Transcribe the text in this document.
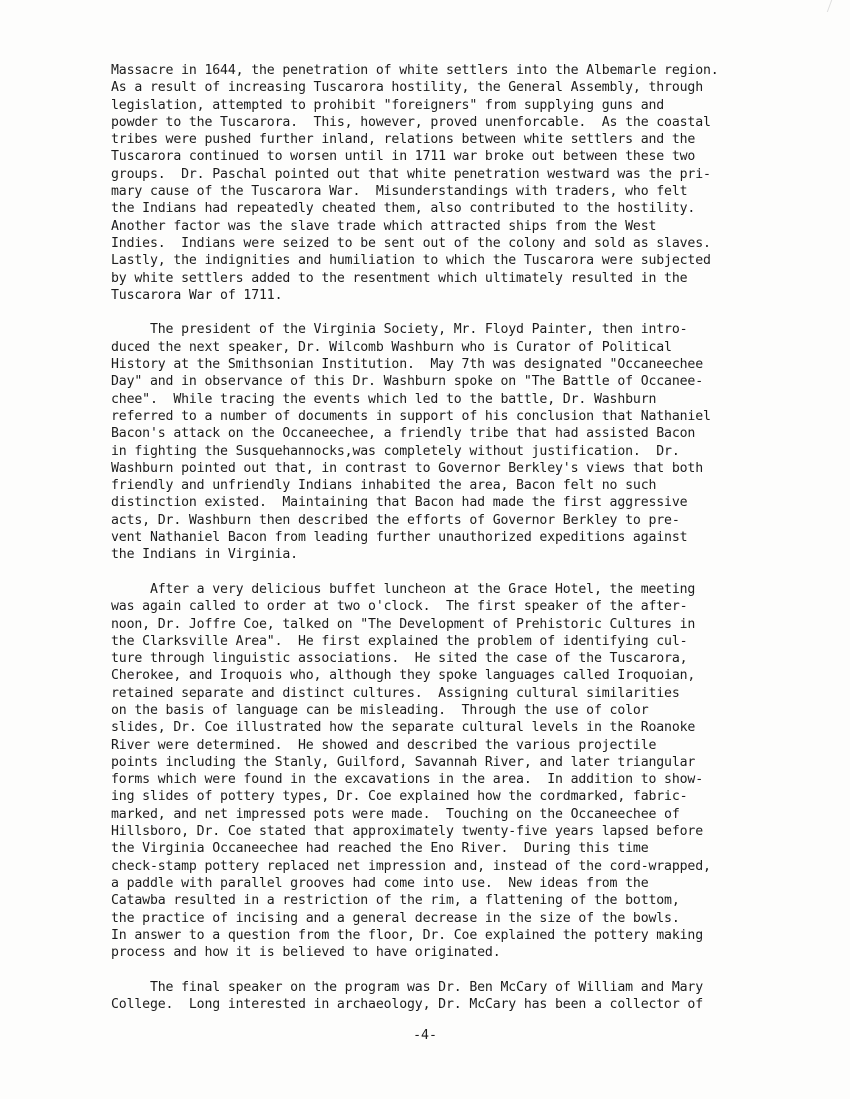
Massacre in 1644, the penetration of white settlers into the Albemarle region.
As a result of increasing Tuscarora hostility, the General Assembly, through
legislation, attempted to prohibit "foreigners" from supplying guns and
powder to the Tuscarora.  This, however, proved unenforcable.  As the coastal
tribes were pushed further inland, relations between white settlers and the
Tuscarora continued to worsen until in 1711 war broke out between these two
groups.  Dr. Paschal pointed out that white penetration westward was the pri-
mary cause of the Tuscarora War.  Misunderstandings with traders, who felt
the Indians had repeatedly cheated them, also contributed to the hostility.
Another factor was the slave trade which attracted ships from the West
Indies.  Indians were seized to be sent out of the colony and sold as slaves.
Lastly, the indignities and humiliation to which the Tuscarora were subjected
by white settlers added to the resentment which ultimately resulted in the
Tuscarora War of 1711.
The president of the Virginia Society, Mr. Floyd Painter, then intro-
duced the next speaker, Dr. Wilcomb Washburn who is Curator of Political
History at the Smithsonian Institution.  May 7th was designated "Occaneechee
Day" and in observance of this Dr. Washburn spoke on "The Battle of Occanee-
chee".  While tracing the events which led to the battle, Dr. Washburn
referred to a number of documents in support of his conclusion that Nathaniel
Bacon's attack on the Occaneechee, a friendly tribe that had assisted Bacon
in fighting the Susquehannocks,was completely without justification.  Dr.
Washburn pointed out that, in contrast to Governor Berkley's views that both
friendly and unfriendly Indians inhabited the area, Bacon felt no such
distinction existed.  Maintaining that Bacon had made the first aggressive
acts, Dr. Washburn then described the efforts of Governor Berkley to pre-
vent Nathaniel Bacon from leading further unauthorized expeditions against
the Indians in Virginia.
After a very delicious buffet luncheon at the Grace Hotel, the meeting
was again called to order at two o'clock.  The first speaker of the after-
noon, Dr. Joffre Coe, talked on "The Development of Prehistoric Cultures in
the Clarksville Area".  He first explained the problem of identifying cul-
ture through linguistic associations.  He sited the case of the Tuscarora,
Cherokee, and Iroquois who, although they spoke languages called Iroquoian,
retained separate and distinct cultures.  Assigning cultural similarities
on the basis of language can be misleading.  Through the use of color
slides, Dr. Coe illustrated how the separate cultural levels in the Roanoke
River were determined.  He showed and described the various projectile
points including the Stanly, Guilford, Savannah River, and later triangular
forms which were found in the excavations in the area.  In addition to show-
ing slides of pottery types, Dr. Coe explained how the cordmarked, fabric-
marked, and net impressed pots were made.  Touching on the Occaneechee of
Hillsboro, Dr. Coe stated that approximately twenty-five years lapsed before
the Virginia Occaneechee had reached the Eno River.  During this time
check-stamp pottery replaced net impression and, instead of the cord-wrapped,
a paddle with parallel grooves had come into use.  New ideas from the
Catawba resulted in a restriction of the rim, a flattening of the bottom,
the practice of incising and a general decrease in the size of the bowls.
In answer to a question from the floor, Dr. Coe explained the pottery making
process and how it is believed to have originated.
The final speaker on the program was Dr. Ben McCary of William and Mary
College.  Long interested in archaeology, Dr. McCary has been a collector of
-4-
